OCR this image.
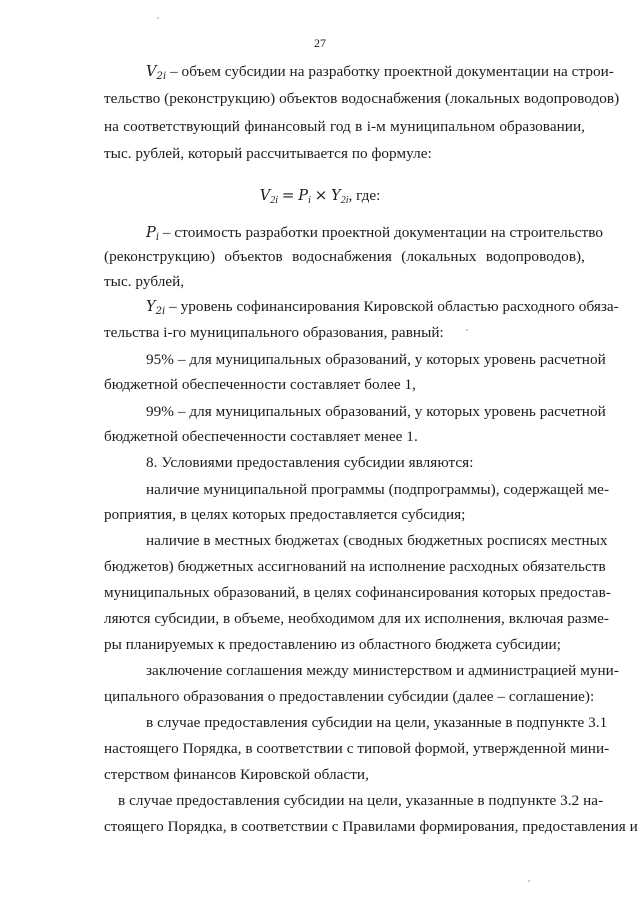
27
$V_{2i}$ – объем субсидии на разработку проектной документации на строи-
тельство (реконструкцию) объектов водоснабжения (локальных водопроводов)
на соответствующий финансовый год в i-м муниципальном образовании,
тыс. рублей, который рассчитывается по формуле:
$V_{2i} = P_i \times Y_{2i}$, где:
$P_i$ – стоимость разработки проектной документации на строительство
(реконструкцию) объектов водоснабжения (локальных водопроводов),
тыс. рублей,
$Y_{2i}$ – уровень софинансирования Кировской областью расходного обяза-
тельства i-го муниципального образования, равный:
95% – для муниципальных образований, у которых уровень расчетной
бюджетной обеспеченности составляет более 1,
99% – для муниципальных образований, у которых уровень расчетной
бюджетной обеспеченности составляет менее 1.
8. Условиями предоставления субсидии являются:
наличие муниципальной программы (подпрограммы), содержащей ме-
роприятия, в целях которых предоставляется субсидия;
наличие в местных бюджетах (сводных бюджетных росписях местных
бюджетов) бюджетных ассигнований на исполнение расходных обязательств
муниципальных образований, в целях софинансирования которых предостав-
ляются субсидии, в объеме, необходимом для их исполнения, включая разме-
ры планируемых к предоставлению из областного бюджета субсидии;
заключение соглашения между министерством и администрацией муни-
ципального образования о предоставлении субсидии (далее – соглашение):
в случае предоставления субсидии на цели, указанные в подпункте 3.1
настоящего Порядка, в соответствии с типовой формой, утвержденной мини-
стерством финансов Кировской области,
в случае предоставления субсидии на цели, указанные в подпункте 3.2 на-
стоящего Порядка, в соответствии с Правилами формирования, предоставления и
